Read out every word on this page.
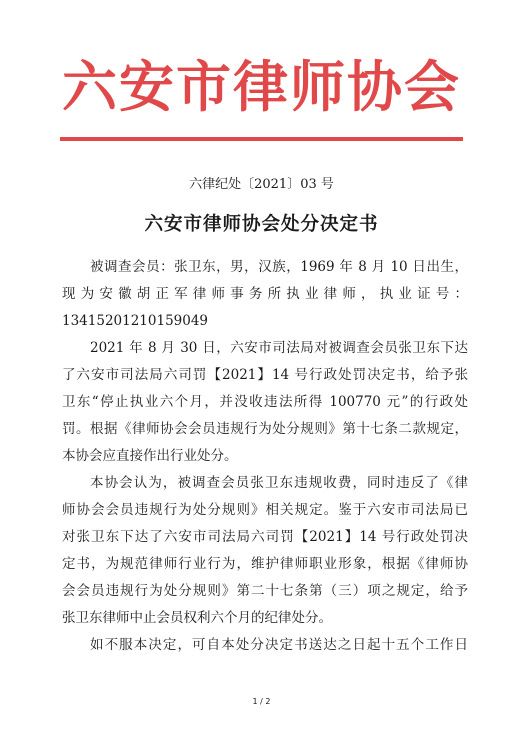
六安市律师协会
六律纪处〔2021〕03 号
六安市律师协会处分决定书
被调查会员：张卫东，男，汉族，1969 年 8 月 10 日出生，
现为安徽胡正军律师事务所执业律师，执业证号：
13415201210159049
2021 年 8 月 30 日，六安市司法局对被调查会员张卫东下达
了六安市司法局六司罚【2021】14 号行政处罚决定书，给予张
卫东“停止执业六个月，并没收违法所得 100770 元”的行政处
罚。根据《律师协会会员违规行为处分规则》第十七条二款规定，
本协会应直接作出行业处分。
本协会认为，被调查会员张卫东违规收费，同时违反了《律
师协会会员违规行为处分规则》相关规定。鉴于六安市司法局已
对张卫东下达了六安市司法局六司罚【2021】14 号行政处罚决
定书，为规范律师行业行为，维护律师职业形象，根据《律师协
会会员违规行为处分规则》第二十七条第（三）项之规定，给予
张卫东律师中止会员权利六个月的纪律处分。
如不服本决定，可自本处分决定书送达之日起十五个工作日
1 / 2
